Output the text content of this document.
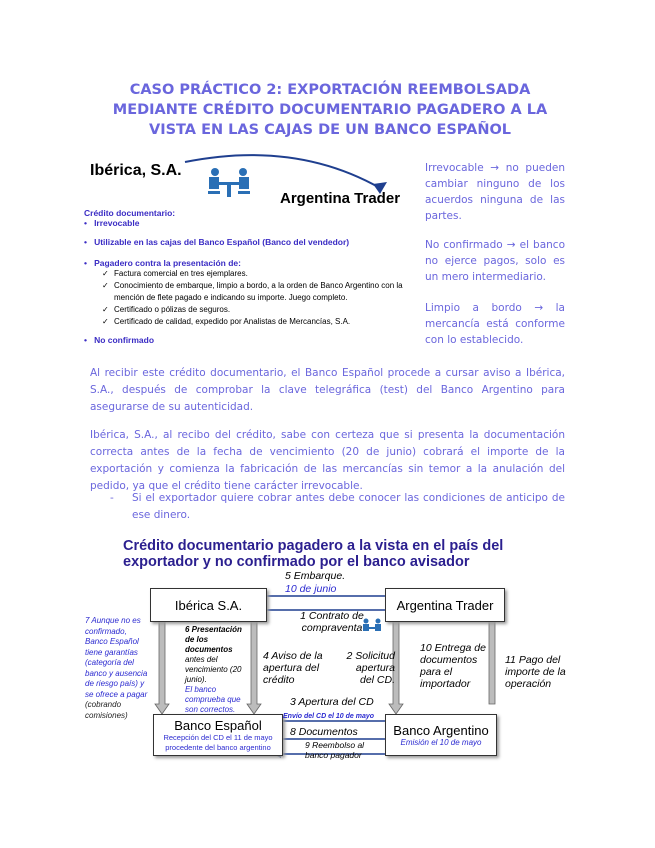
CASO PRÁCTICO 2: EXPORTACIÓN REEMBOLSADA MEDIANTE CRÉDITO DOCUMENTARIO PAGADERO A LA VISTA EN LAS CAJAS DE UN BANCO ESPAÑOL
Ibérica, S.A.
Argentina Trader
Crédito documentario:
•   Irrevocable
•   Utilizable en las cajas del Banco Español (Banco del vendedor)
•   Pagadero contra la presentación de:
✓ Factura comercial en tres ejemplares.
✓ Conocimiento de embarque, limpio a bordo, a la orden de Banco Argentino con la mención de flete pagado e indicando su importe. Juego completo.
✓ Certificado o pólizas de seguros.
✓ Certificado de calidad, expedido por Analistas de Mercancías, S.A.
•   No confirmado
Irrevocable → no pueden cambiar ninguno de los acuerdos ninguna de las partes.
No confirmado → el banco no ejerce pagos, solo es un mero intermediario.
Limpio a bordo → la mercancía está conforme con lo establecido.
Al recibir este crédito documentario, el Banco Español procede a cursar aviso a Ibérica, S.A., después de comprobar la clave telegráfica (test) del Banco Argentino para asegurarse de su autenticidad.
Ibérica, S.A., al recibo del crédito, sabe con certeza que si presenta la documentación correcta antes de la fecha de vencimiento (20 de junio) cobrará el importe de la exportación y comienza la fabricación de las mercancías sin temor a la anulación del pedido, ya que el crédito tiene carácter irrevocable.
-	Si el exportador quiere cobrar antes debe conocer las condiciones de anticipo de ese dinero.
Crédito documentario pagadero a la vista en el país del exportador y no confirmado por el banco avisador
Ibérica S.A.	Argentina Trader
Banco Español
Recepción del CD el 11 de mayo procedente del banco argentino
Banco Argentino
Emisión el 10 de mayo
5 Embarque.
10 de junio
1 Contrato de compraventa
6 Presentación de los documentos
antes del vencimiento (20 junio).
El banco comprueba que son correctos.
4 Aviso de la apertura del crédito
2 Solicitud apertura del CD.
10 Entrega de documentos para el importador
11 Pago del importe de la operación
3 Apertura del CD
Envío del CD el 10 de mayo
8 Documentos
9 Reembolso al banco pagador
7 Aunque no es confirmado, Banco Español tiene garantías (categoría del banco y ausencia de riesgo país) y se ofrece a pagar (cobrando comisiones)
